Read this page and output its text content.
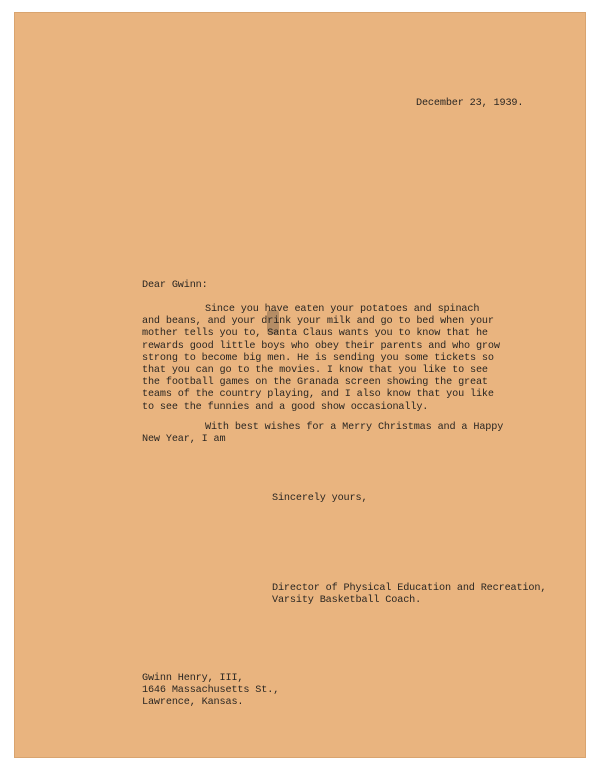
December 23, 1939.
Dear Gwinn:
Since you have eaten your potatoes and spinach
and beans, and your drink your milk and go to bed when your
mother tells you to, Santa Claus wants you to know that he
rewards good little boys who obey their parents and who grow
strong to become big men. He is sending you some tickets so
that you can go to the movies. I know that you like to see
the football games on the Granada screen showing the great
teams of the country playing, and I also know that you like
to see the funnies and a good show occasionally.
With best wishes for a Merry Christmas and a Happy
New Year, I am
Sincerely yours,
Director of Physical Education and Recreation,
Varsity Basketball Coach.
Gwinn Henry, III,
1646 Massachusetts St.,
Lawrence, Kansas.
